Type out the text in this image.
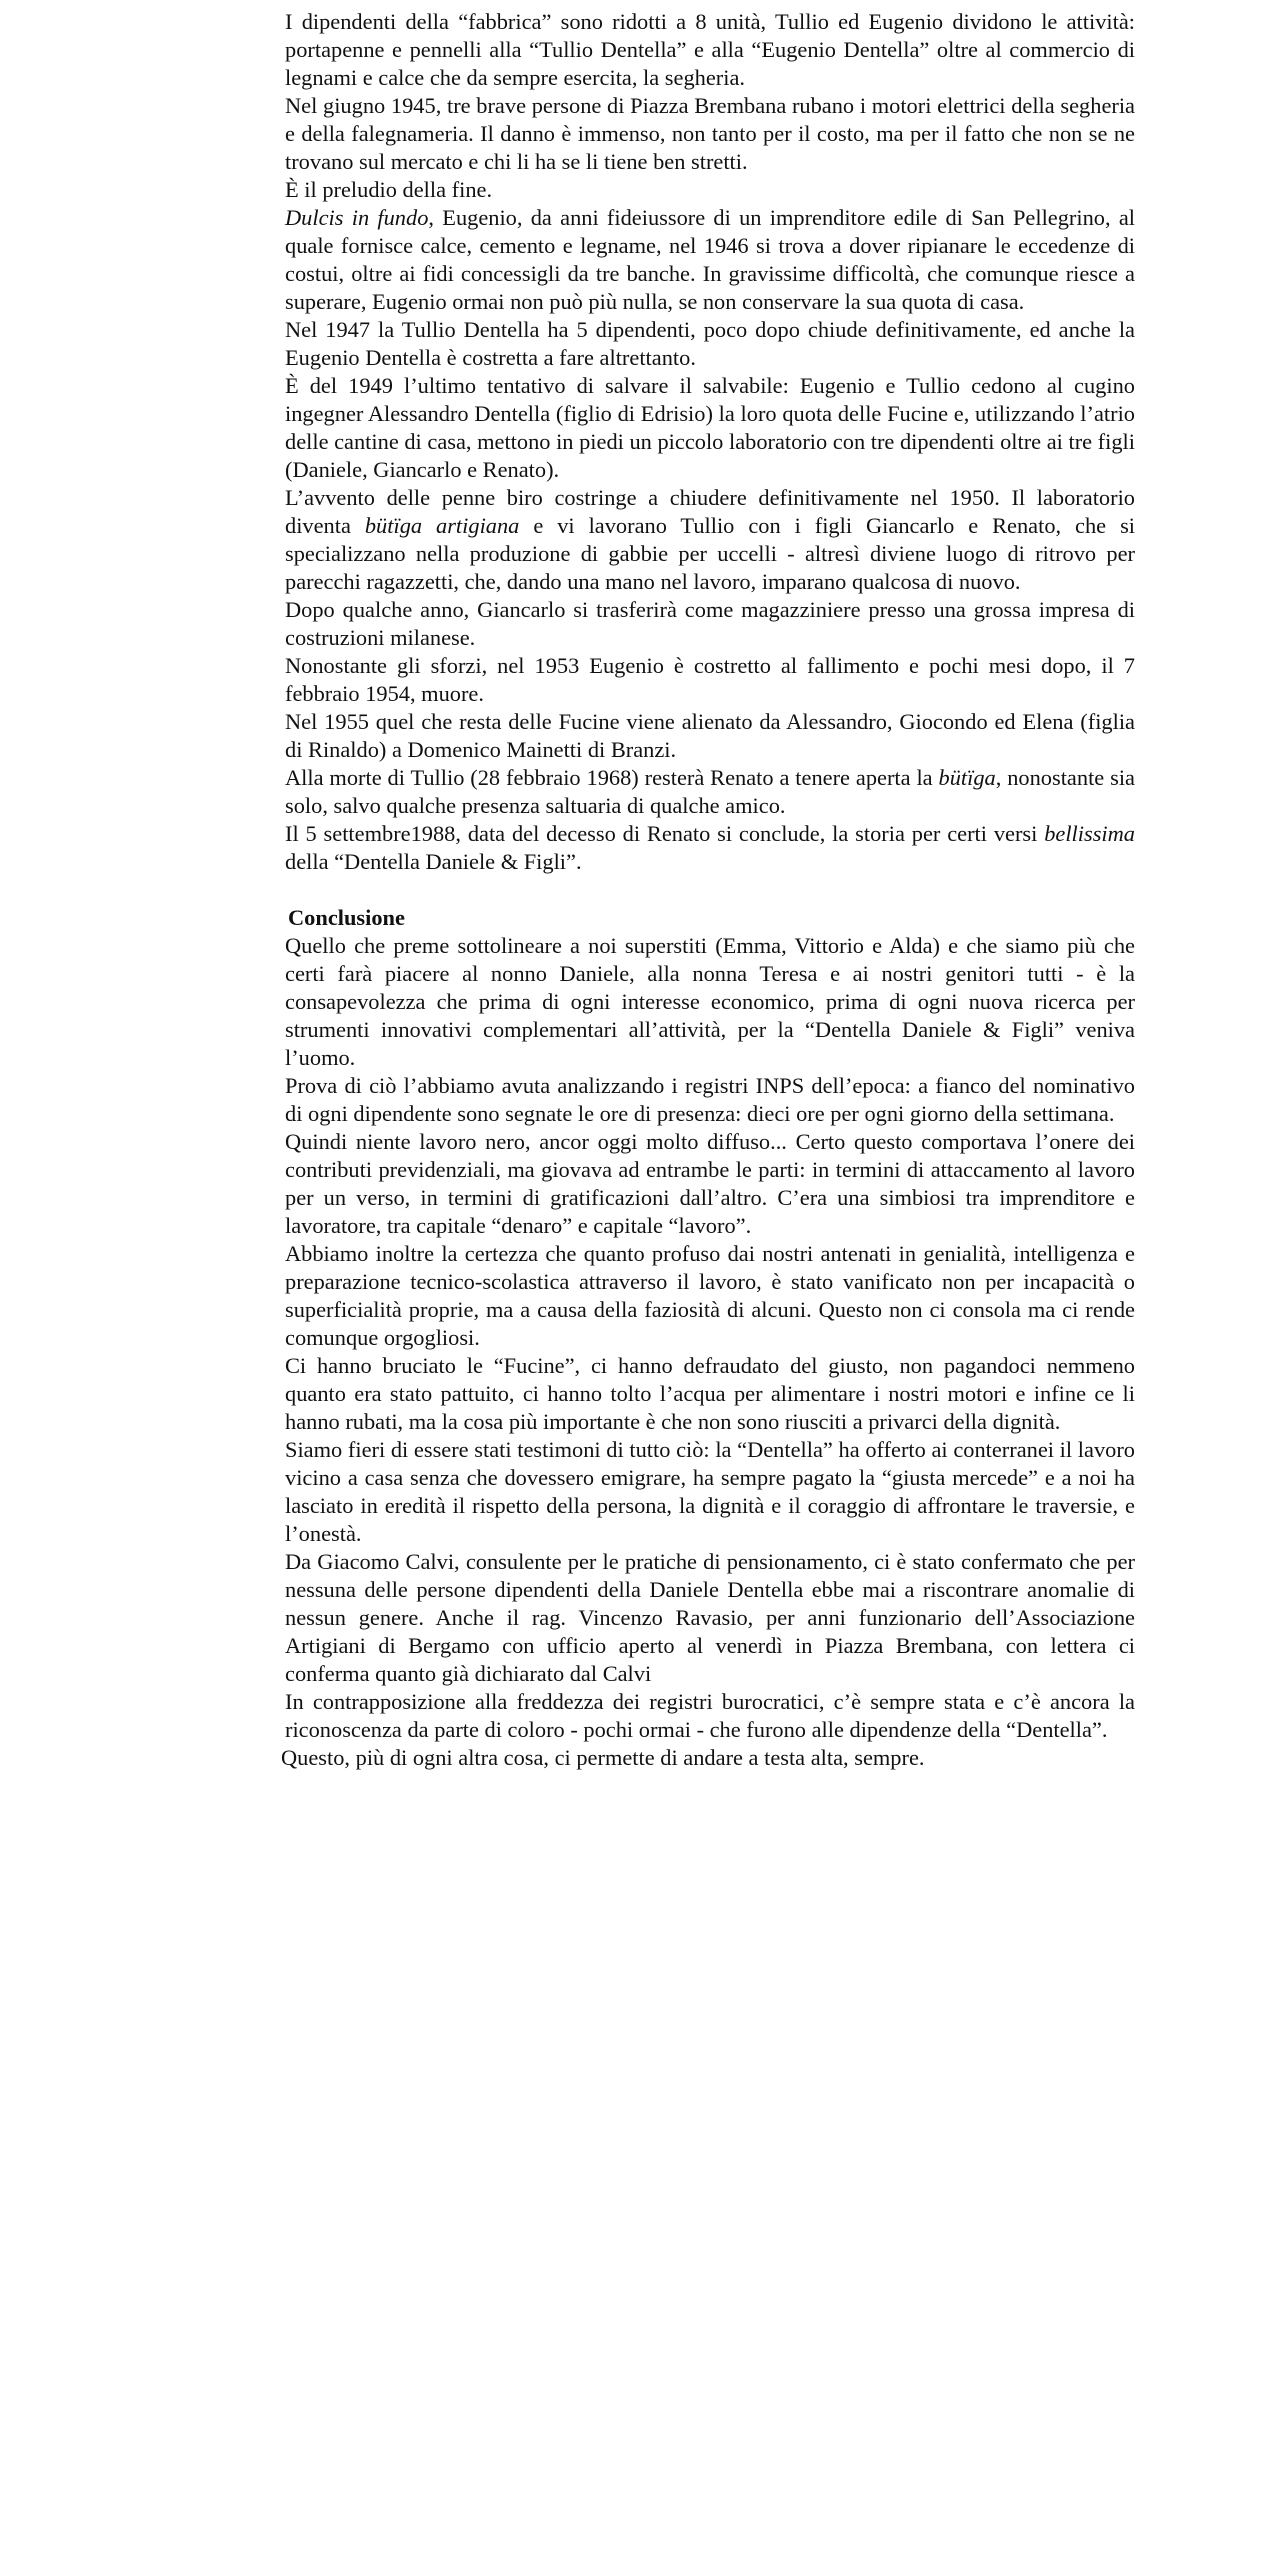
I dipendenti della “fabbrica” sono ridotti a 8 unità, Tullio ed Eugenio dividono le attività: portapenne e pennelli alla “Tullio Dentella” e alla “Eugenio Dentella” oltre al commercio di legnami e calce che da sempre esercita, la segheria.

Nel giugno 1945, tre brave persone di Piazza Brembana rubano i motori elettrici della segheria e della falegnameria. Il danno è immenso, non tanto per il costo, ma per il fatto che non se ne trovano sul mercato e chi li ha se li tiene ben stretti.

È il preludio della fine.

Dulcis in fundo, Eugenio, da anni fideiussore di un imprenditore edile di San Pellegrino, al quale fornisce calce, cemento e legname, nel 1946 si trova a dover ripianare le eccedenze di costui, oltre ai fidi concessigli da tre banche. In gravissime difficoltà, che comunque riesce a superare, Eugenio ormai non può più nulla, se non conservare la sua quota di casa.

Nel 1947 la Tullio Dentella ha 5 dipendenti, poco dopo chiude definitivamente, ed anche la Eugenio Dentella è costretta a fare altrettanto.

È del 1949 l’ultimo tentativo di salvare il salvabile: Eugenio e Tullio cedono al cugino ingegner Alessandro Dentella (figlio di Edrisio) la loro quota delle Fucine e, utilizzando l’atrio delle cantine di casa, mettono in piedi un piccolo laboratorio con tre dipendenti oltre ai tre figli (Daniele, Giancarlo e Renato).

L’avvento delle penne biro costringe a chiudere definitivamente nel 1950. Il laboratorio diventa bütïga artigiana e vi lavorano Tullio con i figli Giancarlo e Renato, che si specializzano nella produzione di gabbie per uccelli - altresì diviene luogo di ritrovo per parecchi ragazzetti, che, dando una mano nel lavoro, imparano qualcosa di nuovo.

Dopo qualche anno, Giancarlo si trasferirà come magazziniere presso una grossa impresa di costruzioni milanese.

Nonostante gli sforzi, nel 1953 Eugenio è costretto al fallimento e pochi mesi dopo, il 7 febbraio 1954, muore.

Nel 1955 quel che resta delle Fucine viene alienato da Alessandro, Giocondo ed Elena (figlia di Rinaldo) a Domenico Mainetti di Branzi.

Alla morte di Tullio (28 febbraio 1968) resterà Renato a tenere aperta la bütïga, nonostante sia solo, salvo qualche presenza saltuaria di qualche amico.

Il 5 settembre1988, data del decesso di Renato si conclude, la storia per certi versi bellissima della “Dentella Daniele & Figli”.

Conclusione

Quello che preme sottolineare a noi superstiti (Emma, Vittorio e Alda) e che siamo più che certi farà piacere al nonno Daniele, alla nonna Teresa e ai nostri genitori tutti - è la consapevolezza che prima di ogni interesse economico, prima di ogni nuova ricerca per strumenti innovativi complementari all’attività, per la “Dentella Daniele & Figli” veniva l’uomo.

Prova di ciò l’abbiamo avuta analizzando i registri INPS dell’epoca: a fianco del nominativo di ogni dipendente sono segnate le ore di presenza: dieci ore per ogni giorno della settimana.

Quindi niente lavoro nero, ancor oggi molto diffuso... Certo questo comportava l’onere dei contributi previdenziali, ma giovava ad entrambe le parti: in termini di attaccamento al lavoro per un verso, in termini di gratificazioni dall’altro. C’era una simbiosi tra imprenditore e lavoratore, tra capitale “denaro” e capitale “lavoro”.

Abbiamo inoltre la certezza che quanto profuso dai nostri antenati in genialità, intelligenza e preparazione tecnico-scolastica attraverso il lavoro, è stato vanificato non per incapacità o superficialità proprie, ma a causa della faziosità di alcuni. Questo non ci consola ma ci rende comunque orgogliosi.

Ci hanno bruciato le “Fucine”, ci hanno defraudato del giusto, non pagandoci nemmeno quanto era stato pattuito, ci hanno tolto l’acqua per alimentare i nostri motori e infine ce li hanno rubati, ma la cosa più importante è che non sono riusciti a privarci della dignità.

Siamo fieri di essere stati testimoni di tutto ciò: la “Dentella” ha offerto ai conterranei il lavoro vicino a casa senza che dovessero emigrare, ha sempre pagato la “giusta mercede” e a noi ha lasciato in eredità il rispetto della persona, la dignità e il coraggio di affrontare le traversie, e l’onestà.

Da Giacomo Calvi, consulente per le pratiche di pensionamento, ci è stato confermato che per nessuna delle persone dipendenti della Daniele Dentella ebbe mai a riscontrare anomalie di nessun genere. Anche il rag. Vincenzo Ravasio, per anni funzionario dell’Associazione Artigiani di Bergamo con ufficio aperto al venerdì in Piazza Brembana, con lettera ci conferma quanto già dichiarato dal Calvi

In contrapposizione alla freddezza dei registri burocratici, c’è sempre stata e c’è ancora la riconoscenza da parte di coloro - pochi ormai - che furono alle dipendenze della “Dentella”.

Questo, più di ogni altra cosa, ci permette di andare a testa alta, sempre.
